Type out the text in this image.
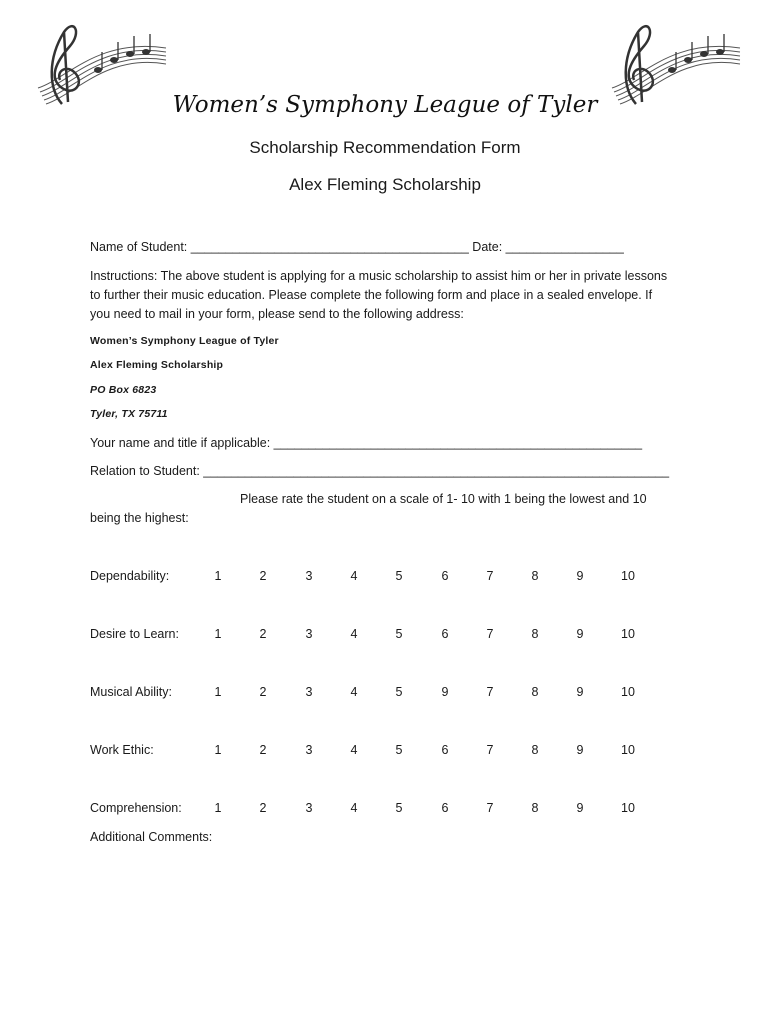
Women’s Symphony League of Tyler
Scholarship Recommendation Form
Alex Fleming Scholarship
Name of Student: ________________________________________ Date: _________________
Instructions: The above student is applying for a music scholarship to assist him or her in private lessons to further their music education. Please complete the following form and place in a sealed envelope. If you need to mail in your form, please send to the following address:
Women’s Symphony League of Tyler
Alex Fleming Scholarship
PO Box 6823
Tyler, TX 75711
Your name and title if applicable: _____________________________________________________
Relation to Student: ___________________________________________________________________
Please rate the student on a scale of 1- 10 with 1 being the lowest and 10
being the highest:
Dependability:	1	2	3	4	5	6	7	8	9	10
Desire to Learn:	1	2	3	4	5	6	7	8	9	10
Musical Ability:	1	2	3	4	5	9	7	8	9	10
Work Ethic:	1	2	3	4	5	6	7	8	9	10
Comprehension:	1	2	3	4	5	6	7	8	9	10
Additional Comments:
